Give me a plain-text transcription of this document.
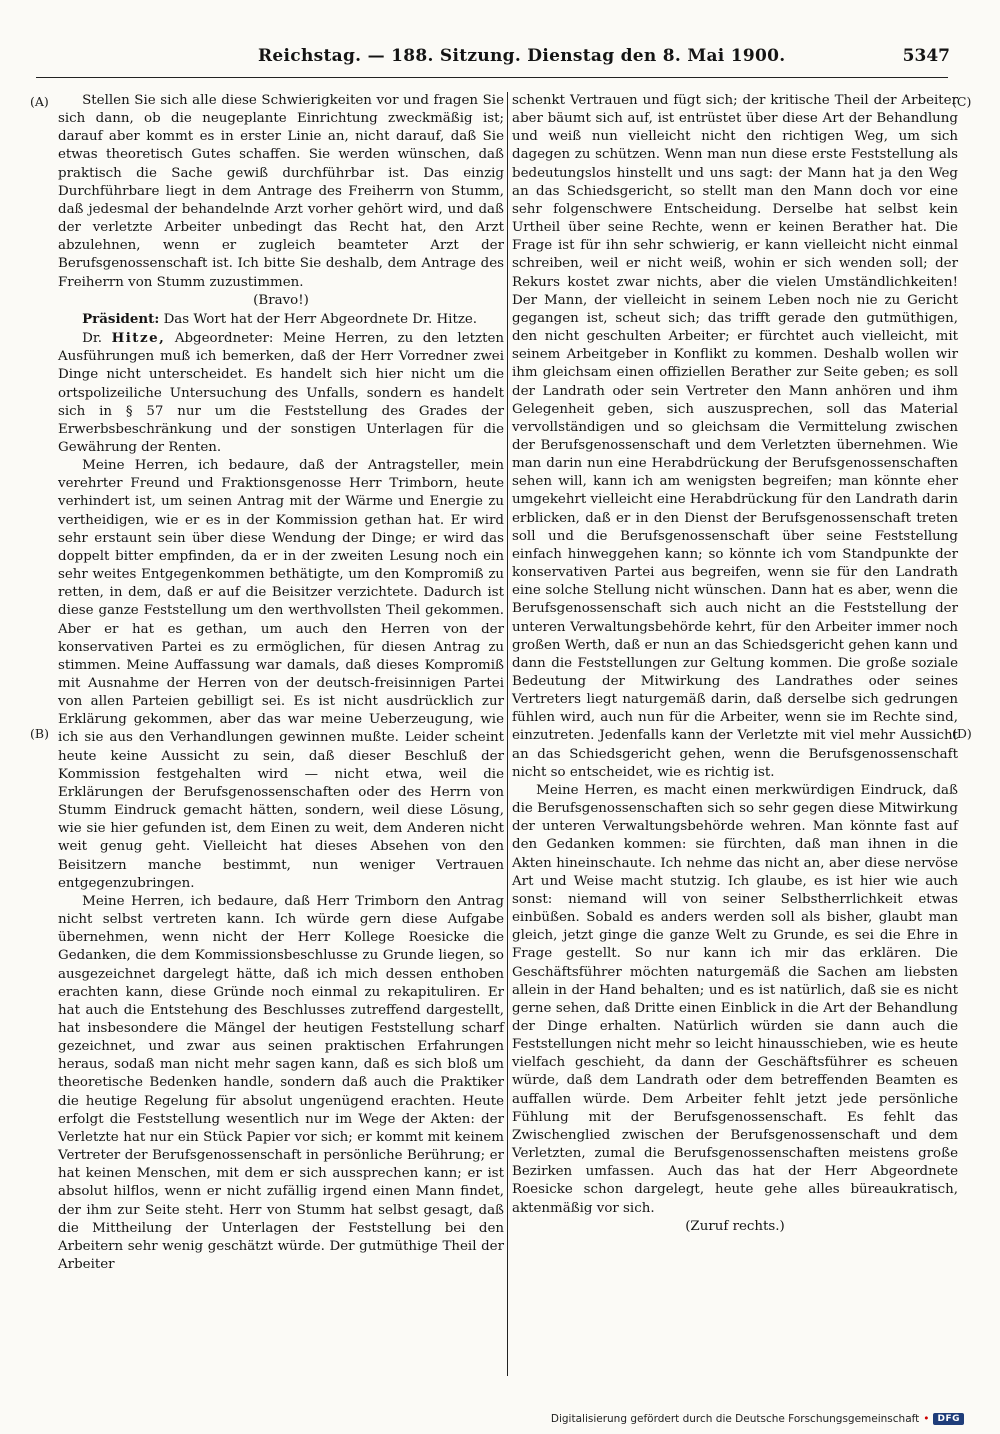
Reichstag. — 188. Sitzung. Dienstag den 8. Mai 1900.	5347
(A)
(B)
(C)
(D)

Stellen Sie sich alle diese Schwierigkeiten vor und fragen Sie sich dann, ob die neugeplante Einrichtung zweckmäßig ist; darauf aber kommt es in erster Linie an, nicht darauf, daß Sie etwas theoretisch Gutes schaffen. Sie werden wünschen, daß praktisch die Sache gewiß durchführbar ist. Das einzig Durchführbare liegt in dem Antrage des Freiherrn von Stumm, daß jedesmal der behandelnde Arzt vorher gehört wird, und daß der verletzte Arbeiter unbedingt das Recht hat, den Arzt abzulehnen, wenn er zugleich beamteter Arzt der Berufsgenossenschaft ist. Ich bitte Sie deshalb, dem Antrage des Freiherrn von Stumm zuzustimmen.

(Bravo!)

Präsident: Das Wort hat der Herr Abgeordnete Dr. Hitze.

Dr. Hitze, Abgeordneter: Meine Herren, zu den letzten Ausführungen muß ich bemerken, daß der Herr Vorredner zwei Dinge nicht unterscheidet. Es handelt sich hier nicht um die ortspolizeiliche Untersuchung des Unfalls, sondern es handelt sich in § 57 nur um die Feststellung des Grades der Erwerbsbeschränkung und der sonstigen Unterlagen für die Gewährung der Renten.

Meine Herren, ich bedaure, daß der Antragsteller, mein verehrter Freund und Fraktionsgenosse Herr Trimborn, heute verhindert ist, um seinen Antrag mit der Wärme und Energie zu vertheidigen, wie er es in der Kommission gethan hat. Er wird sehr erstaunt sein über diese Wendung der Dinge; er wird das doppelt bitter empfinden, da er in der zweiten Lesung noch ein sehr weites Entgegenkommen bethätigte, um den Kompromiß zu retten, in dem, daß er auf die Beisitzer verzichtete. Dadurch ist diese ganze Feststellung um den werthvollsten Theil gekommen. Aber er hat es gethan, um auch den Herren von der konservativen Partei es zu ermöglichen, für diesen Antrag zu stimmen. Meine Auffassung war damals, daß dieses Kompromiß mit Ausnahme der Herren von der deutsch-freisinnigen Partei von allen Parteien gebilligt sei. Es ist nicht ausdrücklich zur Erklärung gekommen, aber das war meine Ueberzeugung, wie ich sie aus den Verhandlungen gewinnen mußte. Leider scheint heute keine Aussicht zu sein, daß dieser Beschluß der Kommission festgehalten wird — nicht etwa, weil die Erklärungen der Berufsgenossenschaften oder des Herrn von Stumm Eindruck gemacht hätten, sondern, weil diese Lösung, wie sie hier gefunden ist, dem Einen zu weit, dem Anderen nicht weit genug geht. Vielleicht hat dieses Absehen von den Beisitzern manche bestimmt, nun weniger Vertrauen entgegenzubringen.

Meine Herren, ich bedaure, daß Herr Trimborn den Antrag nicht selbst vertreten kann. Ich würde gern diese Aufgabe übernehmen, wenn nicht der Herr Kollege Roesicke die Gedanken, die dem Kommissionsbeschlusse zu Grunde liegen, so ausgezeichnet dargelegt hätte, daß ich mich dessen enthoben erachten kann, diese Gründe noch einmal zu rekapituliren. Er hat auch die Entstehung des Beschlusses zutreffend dargestellt, hat insbesondere die Mängel der heutigen Feststellung scharf gezeichnet, und zwar aus seinen praktischen Erfahrungen heraus, sodaß man nicht mehr sagen kann, daß es sich bloß um theoretische Bedenken handle, sondern daß auch die Praktiker die heutige Regelung für absolut ungenügend erachten. Heute erfolgt die Feststellung wesentlich nur im Wege der Akten: der Verletzte hat nur ein Stück Papier vor sich; er kommt mit keinem Vertreter der Berufsgenossenschaft in persönliche Berührung; er hat keinen Menschen, mit dem er sich aussprechen kann; er ist absolut hilflos, wenn er nicht zufällig irgend einen Mann findet, der ihm zur Seite steht. Herr von Stumm hat selbst gesagt, daß die Mittheilung der Unterlagen der Feststellung bei den Arbeitern sehr wenig geschätzt würde. Der gutmüthige Theil der Arbeiter

schenkt Vertrauen und fügt sich; der kritische Theil der Arbeiter aber bäumt sich auf, ist entrüstet über diese Art der Behandlung und weiß nun vielleicht nicht den richtigen Weg, um sich dagegen zu schützen. Wenn man nun diese erste Feststellung als bedeutungslos hinstellt und uns sagt: der Mann hat ja den Weg an das Schiedsgericht, so stellt man den Mann doch vor eine sehr folgenschwere Entscheidung. Derselbe hat selbst kein Urtheil über seine Rechte, wenn er keinen Berather hat. Die Frage ist für ihn sehr schwierig, er kann vielleicht nicht einmal schreiben, weil er nicht weiß, wohin er sich wenden soll; der Rekurs kostet zwar nichts, aber die vielen Umständlichkeiten! Der Mann, der vielleicht in seinem Leben noch nie zu Gericht gegangen ist, scheut sich; das trifft gerade den gutmüthigen, den nicht geschulten Arbeiter; er fürchtet auch vielleicht, mit seinem Arbeitgeber in Konflikt zu kommen. Deshalb wollen wir ihm gleichsam einen offiziellen Berather zur Seite geben; es soll der Landrath oder sein Vertreter den Mann anhören und ihm Gelegenheit geben, sich auszusprechen, soll das Material vervollständigen und so gleichsam die Vermittelung zwischen der Berufsgenossenschaft und dem Verletzten übernehmen. Wie man darin nun eine Herabdrückung der Berufsgenossenschaften sehen will, kann ich am wenigsten begreifen; man könnte eher umgekehrt vielleicht eine Herabdrückung für den Landrath darin erblicken, daß er in den Dienst der Berufsgenossenschaft treten soll und die Berufsgenossenschaft über seine Feststellung einfach hinweggehen kann; so könnte ich vom Standpunkte der konservativen Partei aus begreifen, wenn sie für den Landrath eine solche Stellung nicht wünschen. Dann hat es aber, wenn die Berufsgenossenschaft sich auch nicht an die Feststellung der unteren Verwaltungsbehörde kehrt, für den Arbeiter immer noch großen Werth, daß er nun an das Schiedsgericht gehen kann und dann die Feststellungen zur Geltung kommen. Die große soziale Bedeutung der Mitwirkung des Landrathes oder seines Vertreters liegt naturgemäß darin, daß derselbe sich gedrungen fühlen wird, auch nun für die Arbeiter, wenn sie im Rechte sind, einzutreten. Jedenfalls kann der Verletzte mit viel mehr Aussicht an das Schiedsgericht gehen, wenn die Berufsgenossenschaft nicht so entscheidet, wie es richtig ist.

Meine Herren, es macht einen merkwürdigen Eindruck, daß die Berufsgenossenschaften sich so sehr gegen diese Mitwirkung der unteren Verwaltungsbehörde wehren. Man könnte fast auf den Gedanken kommen: sie fürchten, daß man ihnen in die Akten hineinschaute. Ich nehme das nicht an, aber diese nervöse Art und Weise macht stutzig. Ich glaube, es ist hier wie auch sonst: niemand will von seiner Selbstherrlichkeit etwas einbüßen. Sobald es anders werden soll als bisher, glaubt man gleich, jetzt ginge die ganze Welt zu Grunde, es sei die Ehre in Frage gestellt. So nur kann ich mir das erklären. Die Geschäftsführer möchten naturgemäß die Sachen am liebsten allein in der Hand behalten; und es ist natürlich, daß sie es nicht gerne sehen, daß Dritte einen Einblick in die Art der Behandlung der Dinge erhalten. Natürlich würden sie dann auch die Feststellungen nicht mehr so leicht hinausschieben, wie es heute vielfach geschieht, da dann der Geschäftsführer es scheuen würde, daß dem Landrath oder dem betreffenden Beamten es auffallen würde. Dem Arbeiter fehlt jetzt jede persönliche Fühlung mit der Berufsgenossenschaft. Es fehlt das Zwischenglied zwischen der Berufsgenossenschaft und dem Verletzten, zumal die Berufsgenossenschaften meistens große Bezirken umfassen. Auch das hat der Herr Abgeordnete Roesicke schon dargelegt, heute gehe alles büreaukratisch, aktenmäßig vor sich.

(Zuruf rechts.)

Digitalisierung gefördert durch die Deutsche Forschungsgemeinschaft • DFG
